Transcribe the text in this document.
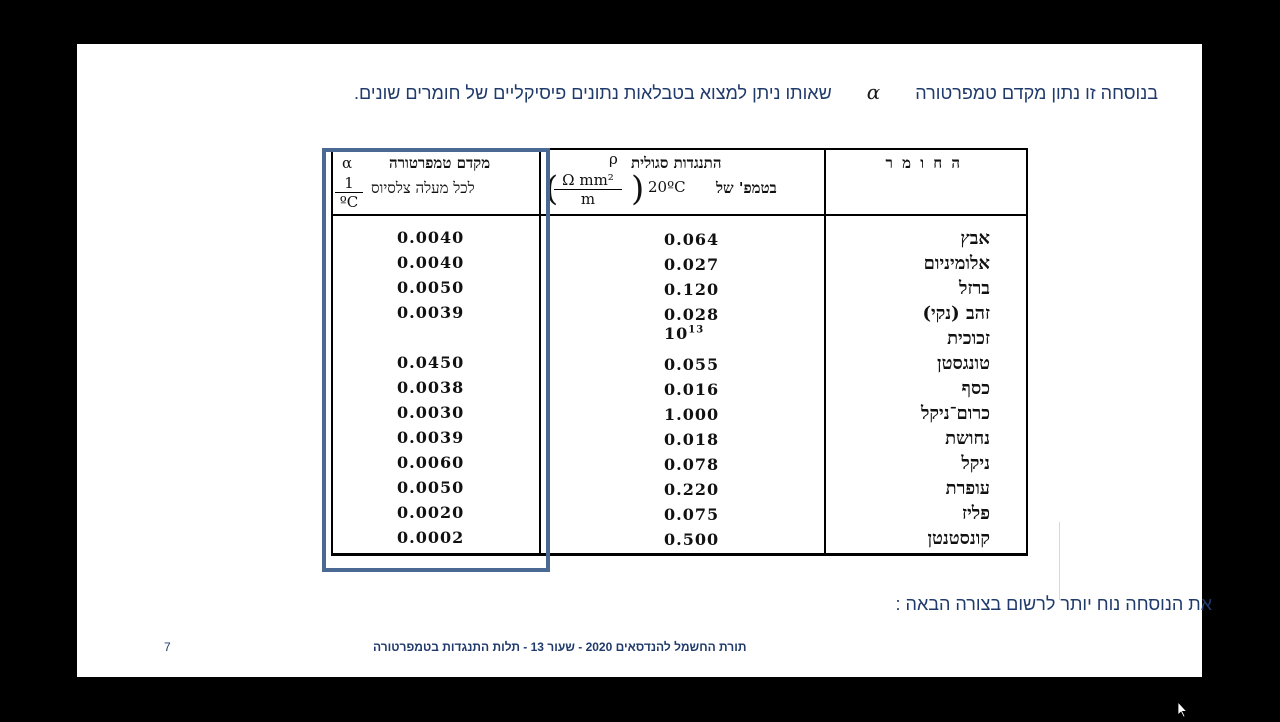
בנוסחה זו נתון מקדם טמפרטורה α שאותו ניתן למצוא בטבלאות נתונים פיסיקליים של חומרים שונים.
ה ח ו מ ר
התנגדות סגולית
ρ
בטמפ' של
20ºC
(
$\frac{\text{Ω mm²}}{m}$ )
α מקדם טמפרטורה
$\frac{1}{\text{ºC}}$ לכל מעלה צלסיוס
אבץ
0.064
0.0040
אלומיניום
0.027
0.0040
ברזל
0.120
0.0050
זהב (נקי)
0.028
0.0039
זכוכית
$10^{13}$
טונגסטן
0.055
0.0450
כסף
0.016
0.0038
כרום־ניקל
1.000
0.0030
נחושת
0.018
0.0039
ניקל
0.078
0.0060
עופרת
0.220
0.0050
פליז
0.075
0.0020
קונסטנטן
0.500
0.0002
את הנוסחה נוח יותר לרשום בצורה הבאה :
תורת החשמל להנדסאים 2020 - שעור 13 - תלות התנגדות בטמפרטורה
7
